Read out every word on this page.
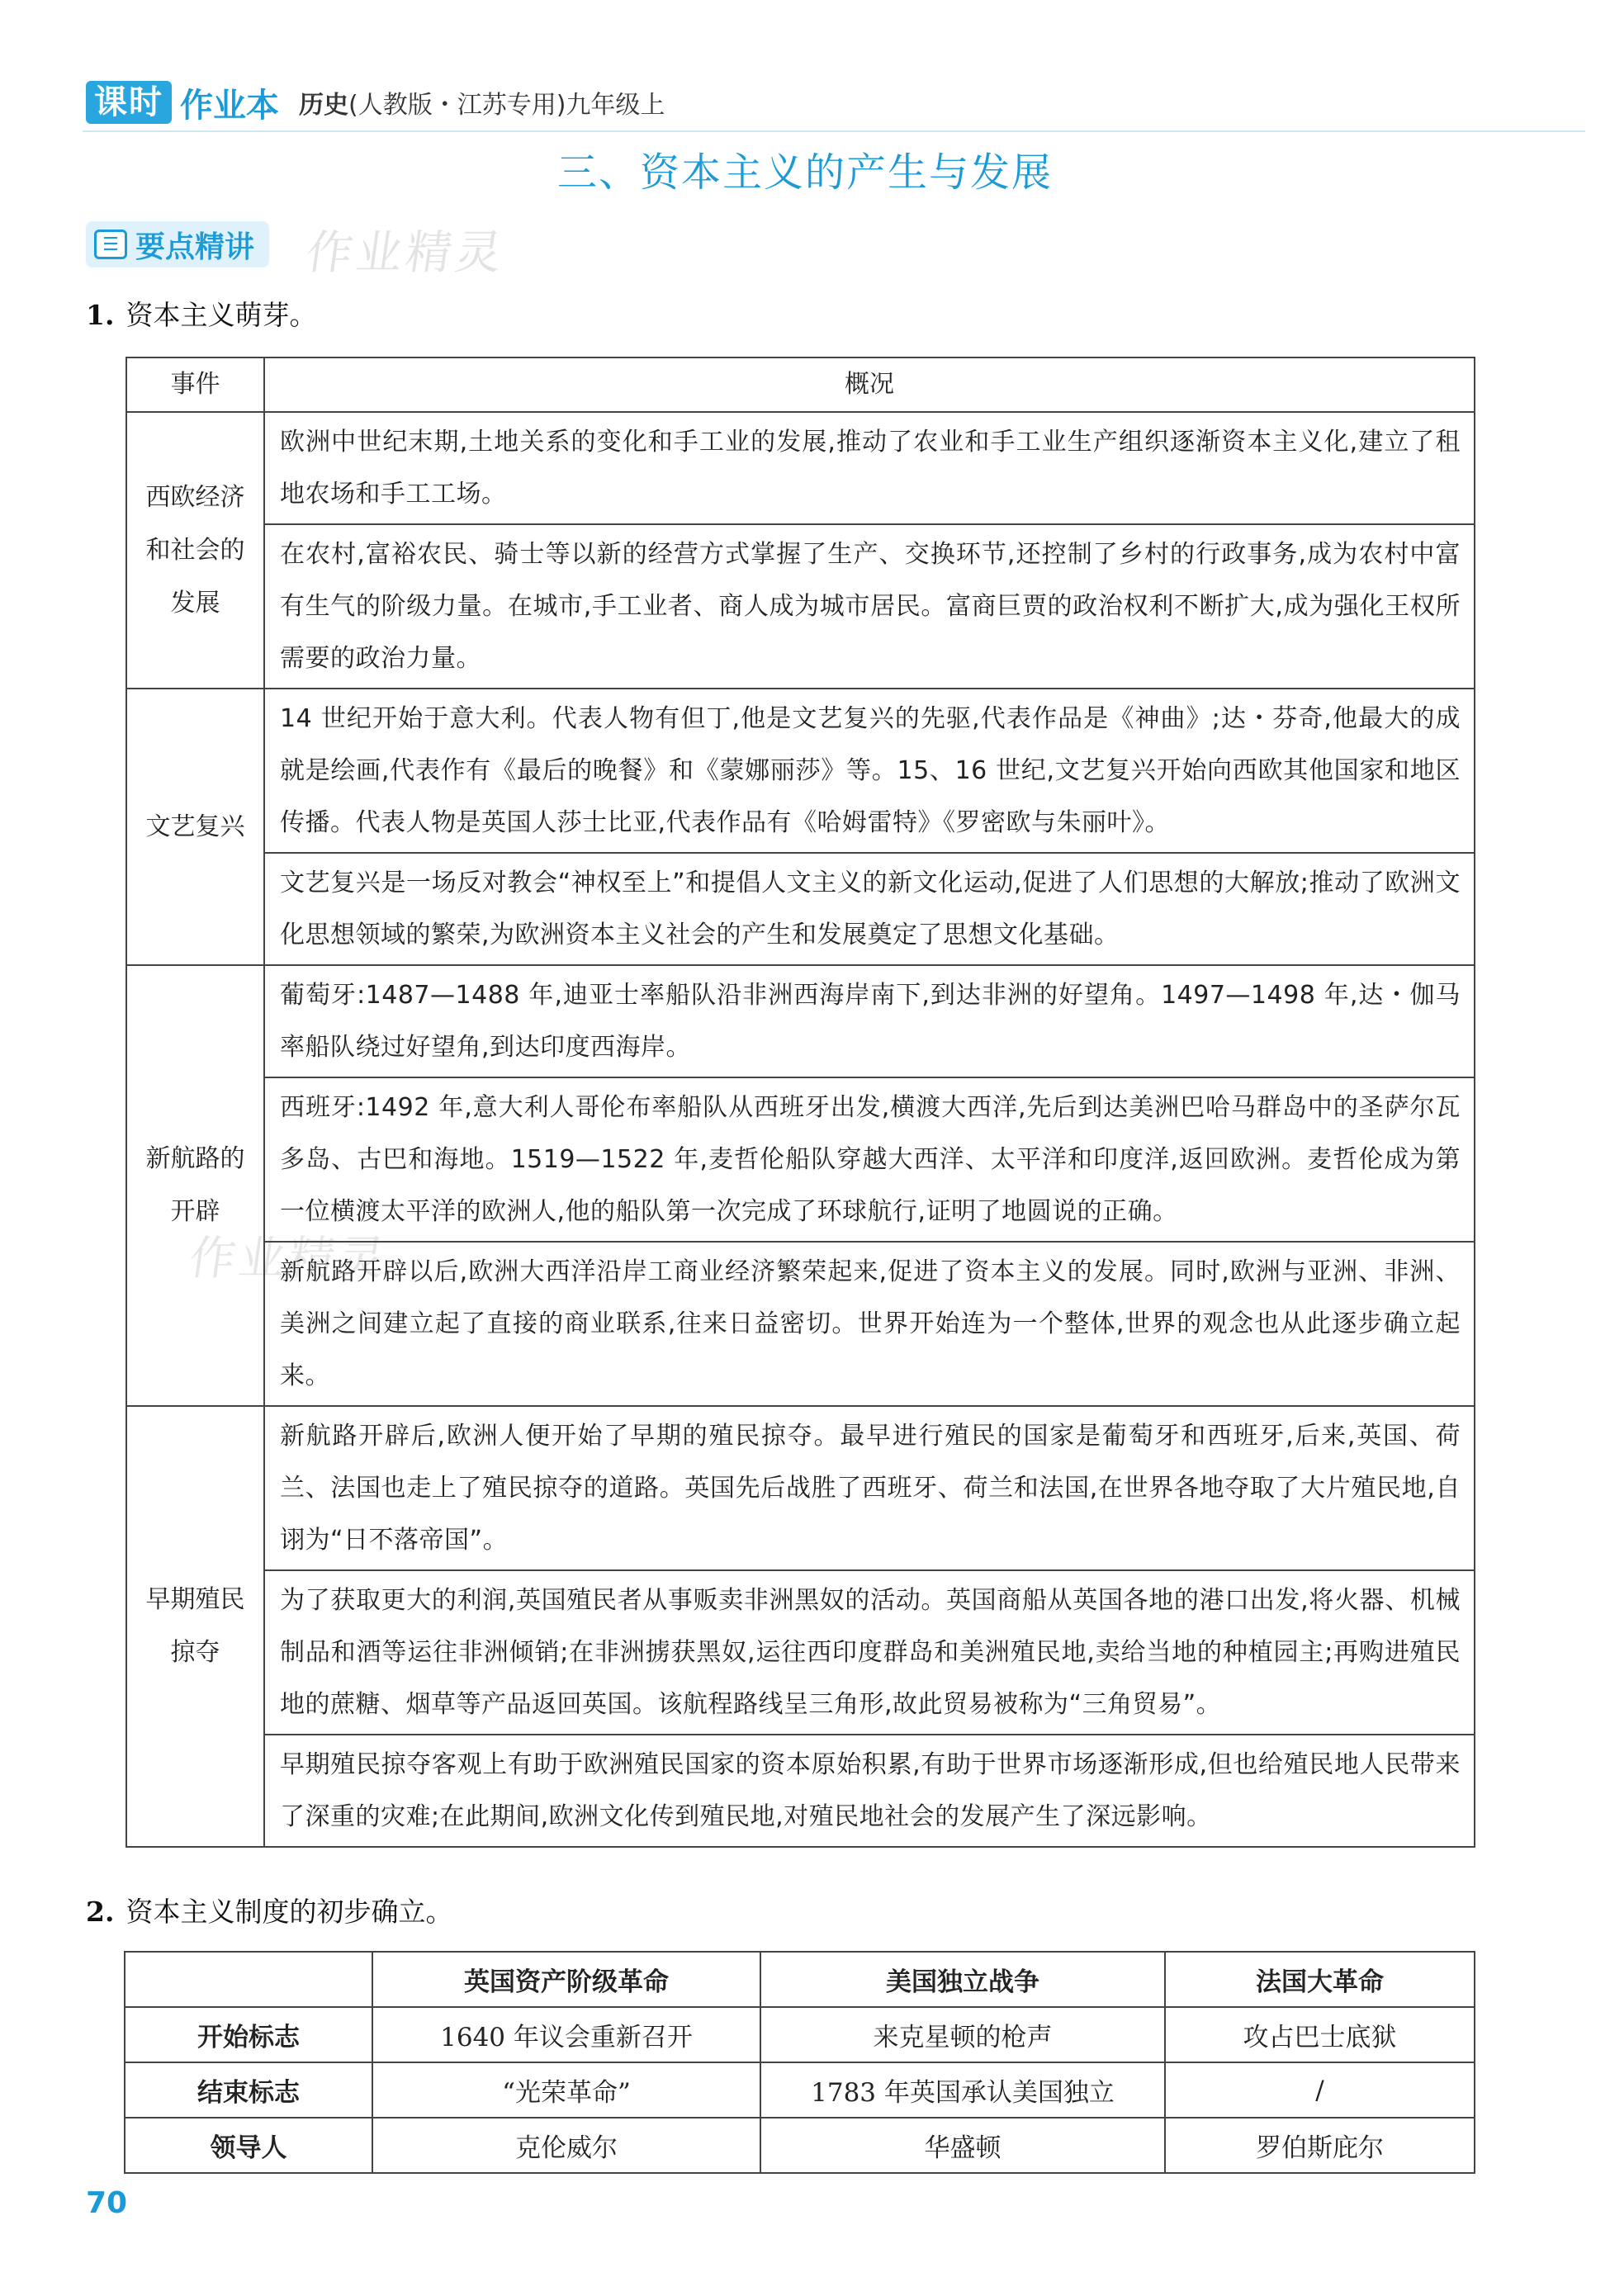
课时 作业本 历史(人教版・江苏专用)九年级上
三、资本主义的产生与发展
☰ 要点精讲 作业精灵
作业精灵
1. 资本主义萌芽。
事件	概况
西欧经济和社会的发展	欧洲中世纪末期,土地关系的变化和手工业的发展,推动了农业和手工业生产组织逐渐资本主义化,建立了租地农场和手工工场。
	在农村,富裕农民、骑士等以新的经营方式掌握了生产、交换环节,还控制了乡村的行政事务,成为农村中富有生气的阶级力量。在城市,手工业者、商人成为城市居民。富商巨贾的政治权利不断扩大,成为强化王权所需要的政治力量。
文艺复兴	14 世纪开始于意大利。代表人物有但丁,他是文艺复兴的先驱,代表作品是《神曲》;达・芬奇,他最大的成就是绘画,代表作有《最后的晚餐》和《蒙娜丽莎》等。15、16 世纪,文艺复兴开始向西欧其他国家和地区传播。代表人物是英国人莎士比亚,代表作品有《哈姆雷特》《罗密欧与朱丽叶》。
	文艺复兴是一场反对教会“神权至上”和提倡人文主义的新文化运动,促进了人们思想的大解放;推动了欧洲文化思想领域的繁荣,为欧洲资本主义社会的产生和发展奠定了思想文化基础。
新航路的开辟	葡萄牙:1487—1488 年,迪亚士率船队沿非洲西海岸南下,到达非洲的好望角。1497—1498 年,达・伽马率船队绕过好望角,到达印度西海岸。
	西班牙:1492 年,意大利人哥伦布率船队从西班牙出发,横渡大西洋,先后到达美洲巴哈马群岛中的圣萨尔瓦多岛、古巴和海地。1519—1522 年,麦哲伦船队穿越大西洋、太平洋和印度洋,返回欧洲。麦哲伦成为第一位横渡太平洋的欧洲人,他的船队第一次完成了环球航行,证明了地圆说的正确。
	新航路开辟以后,欧洲大西洋沿岸工商业经济繁荣起来,促进了资本主义的发展。同时,欧洲与亚洲、非洲、美洲之间建立起了直接的商业联系,往来日益密切。世界开始连为一个整体,世界的观念也从此逐步确立起来。
早期殖民掠夺	新航路开辟后,欧洲人便开始了早期的殖民掠夺。最早进行殖民的国家是葡萄牙和西班牙,后来,英国、荷兰、法国也走上了殖民掠夺的道路。英国先后战胜了西班牙、荷兰和法国,在世界各地夺取了大片殖民地,自诩为“日不落帝国”。
	为了获取更大的利润,英国殖民者从事贩卖非洲黑奴的活动。英国商船从英国各地的港口出发,将火器、机械制品和酒等运往非洲倾销;在非洲掳获黑奴,运往西印度群岛和美洲殖民地,卖给当地的种植园主;再购进殖民地的蔗糖、烟草等产品返回英国。该航程路线呈三角形,故此贸易被称为“三角贸易”。
	早期殖民掠夺客观上有助于欧洲殖民国家的资本原始积累,有助于世界市场逐渐形成,但也给殖民地人民带来了深重的灾难;在此期间,欧洲文化传到殖民地,对殖民地社会的发展产生了深远影响。
2. 资本主义制度的初步确立。
	英国资产阶级革命	美国独立战争	法国大革命
开始标志	1640 年议会重新召开	来克星顿的枪声	攻占巴士底狱
结束标志	“光荣革命”	1783 年英国承认美国独立	/
领导人	克伦威尔	华盛顿	罗伯斯庇尔
70
